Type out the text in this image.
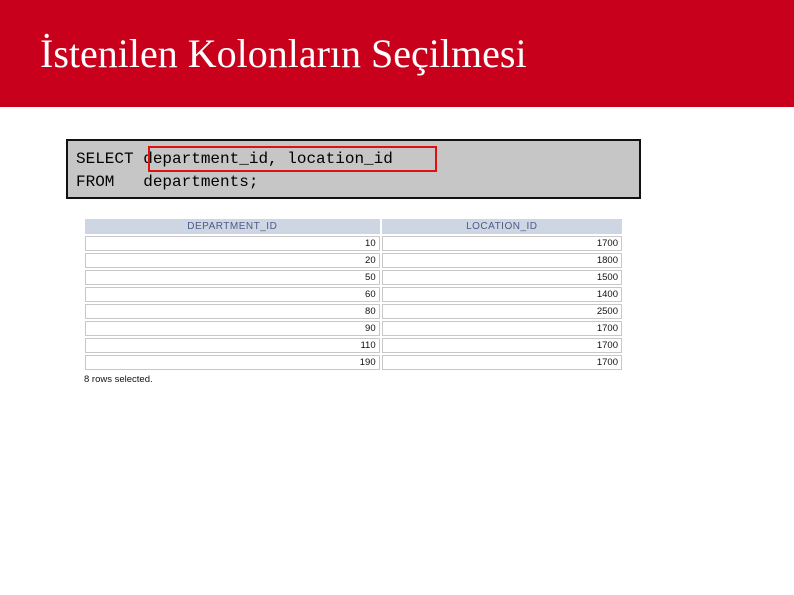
İstenilen Kolonların Seçilmesi
SELECT department_id, location_id
FROM departments;
DEPARTMENT_ID	LOCATION_ID
10	1700
20	1800
50	1500
60	1400
80	2500
90	1700
110	1700
190	1700
8 rows selected.
